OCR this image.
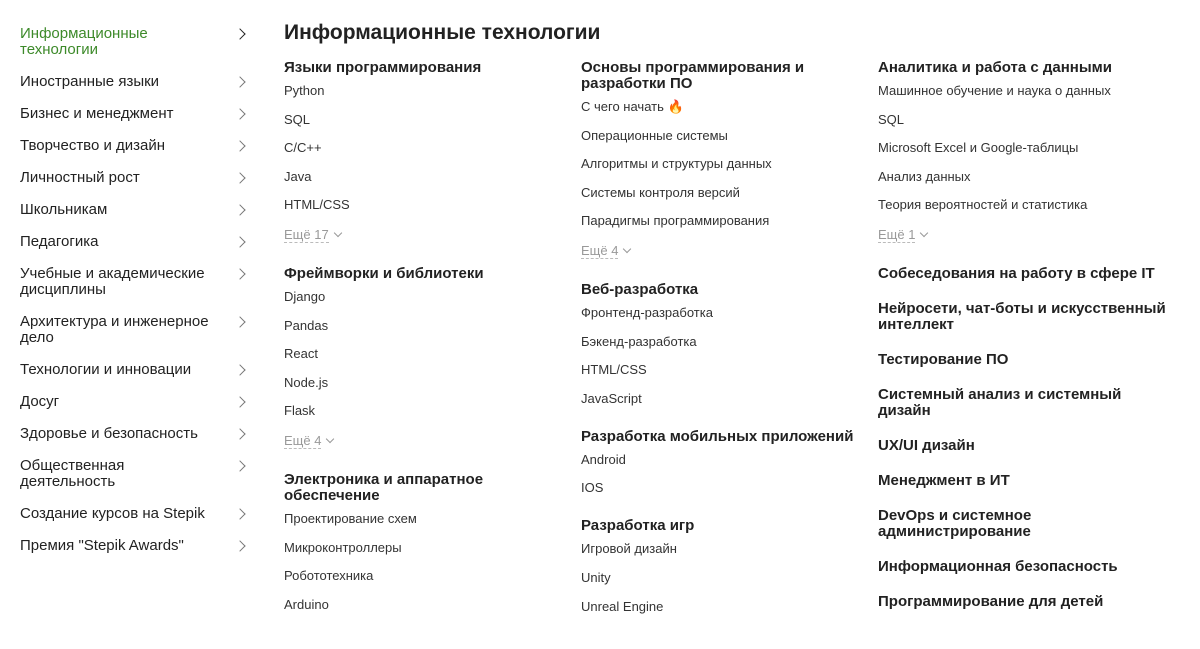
Информационные технологии
Иностранные языки
Бизнес и менеджмент
Творчество и дизайн
Личностный рост
Школьникам
Педагогика
Учебные и академические дисциплины
Архитектура и инженерное дело
Технологии и инновации
Досуг
Здоровье и безопасность
Общественная деятельность
Создание курсов на Stepik
Премия "Stepik Awards"
Информационные технологии
Языки программирования
Python
SQL
C/C++
Java
HTML/CSS
Ещё 17
Фреймворки и библиотеки
Django
Pandas
React
Node.js
Flask
Ещё 4
Электроника и аппаратное обеспечение
Проектирование схем
Микроконтроллеры
Робототехника
Arduino
Основы программирования и разработки ПО
С чего начать 🔥
Операционные системы
Алгоритмы и структуры данных
Системы контроля версий
Парадигмы программирования
Ещё 4
Веб-разработка
Фронтенд-разработка
Бэкенд-разработка
HTML/CSS
JavaScript
Разработка мобильных приложений
Android
IOS
Разработка игр
Игровой дизайн
Unity
Unreal Engine
Аналитика и работа с данными
Машинное обучение и наука о данных
SQL
Microsoft Excel и Google-таблицы
Анализ данных
Теория вероятностей и статистика
Ещё 1
Собеседования на работу в сфере IT
Нейросети, чат-боты и искусственный интеллект
Тестирование ПО
Системный анализ и системный дизайн
UX/UI дизайн
Менеджмент в ИТ
DevOps и системное администрирование
Информационная безопасность
Программирование для детей
